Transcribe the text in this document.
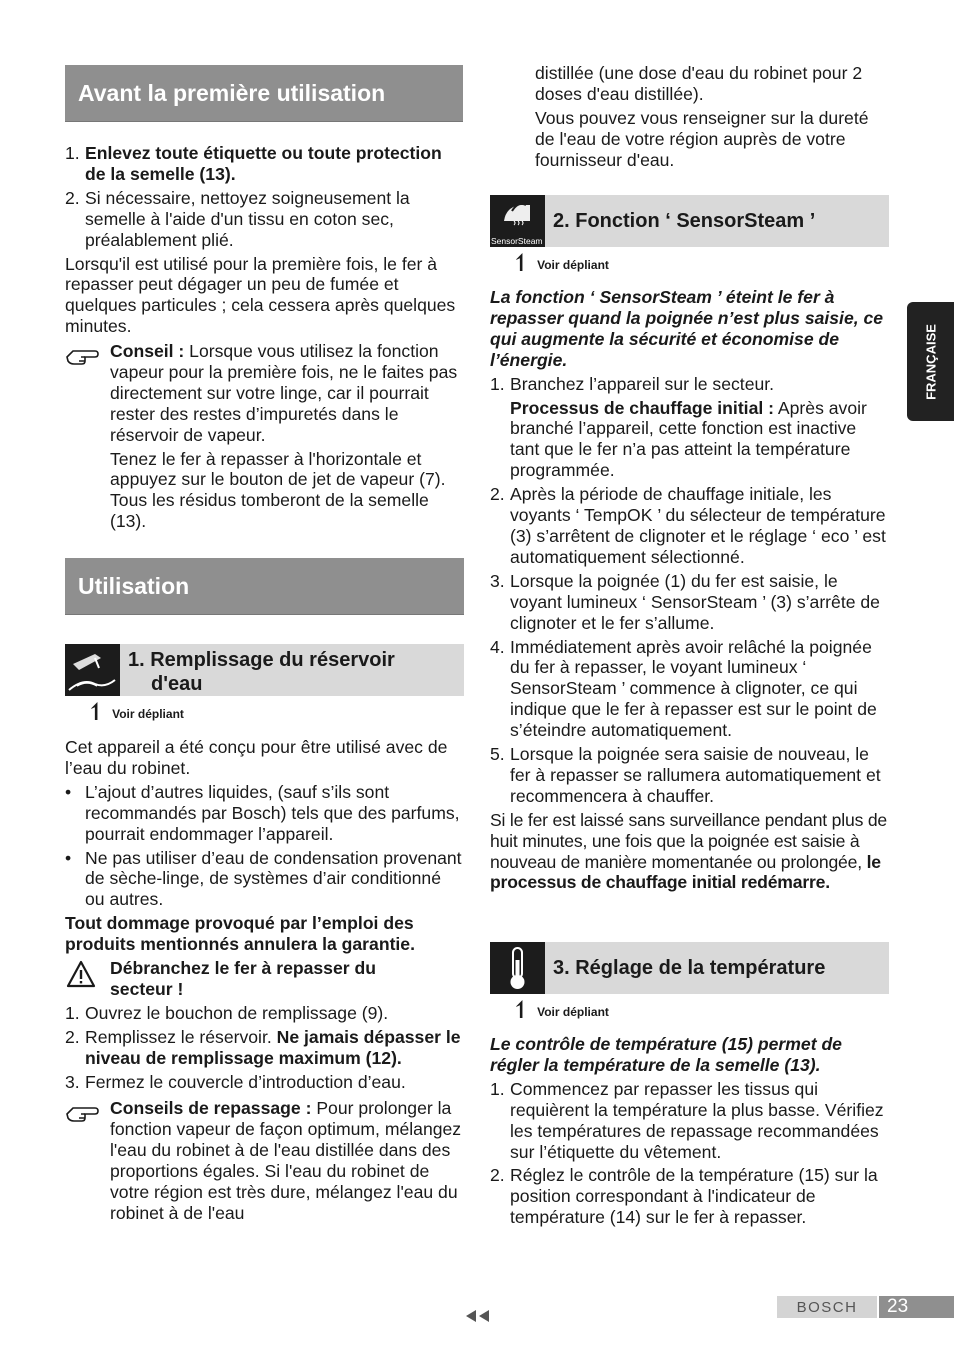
Avant la première utilisation
1. Enlevez toute étiquette ou toute protection de la semelle (13).
2. Si nécessaire, nettoyez soigneusement la semelle à l'aide d'un tissu en coton sec, préalablement plié.

Lorsqu'il est utilisé pour la première fois, le fer à repasser peut dégager un peu de fumée et quelques particules ; cela cessera après quelques minutes.

Conseil : Lorsque vous utilisez la fonction vapeur pour la première fois, ne le faites pas directement sur votre linge, car il pourrait rester des restes d’impuretés dans le réservoir de vapeur.

Tenez le fer à repasser à l'horizontale et appuyez sur le bouton de jet de vapeur (7). Tous les résidus tomberont de la semelle (13).

Utilisation
1. Remplissage du réservoir
d'eau
↿ Voir dépliant

Cet appareil a été conçu pour être utilisé avec de l’eau du robinet.

• L’ajout d’autres liquides, (sauf s’ils sont recommandés par Bosch) tels que des parfums, pourrait endommager l’appareil.
• Ne pas utiliser d’eau de condensation provenant de sèche-linge, de systèmes d’air conditionné ou autres.

Tout dommage provoqué par l’emploi des produits mentionnés annulera la garantie.

Débranchez le fer à repasser du secteur !
1. Ouvrez le bouchon de remplissage (9).
2. Remplissez le réservoir. Ne jamais dépasser le niveau de remplissage maximum (12).
3. Fermez le couvercle d’introduction d’eau.

Conseils de repassage : Pour prolonger la fonction vapeur de façon optimum, mélangez l'eau du robinet à de l'eau distillée dans des proportions égales. Si l'eau du robinet de votre région est très dure, mélangez l'eau du robinet à de l'eau

distillée (une dose d'eau du robinet pour 2 doses d'eau distillée).

Vous pouvez vous renseigner sur la dureté de l'eau de votre région auprès de votre fournisseur d'eau.

SensorSteam
2. Fonction ‘ SensorSteam ’
↿ Voir dépliant

La fonction ‘ SensorSteam ’ éteint le fer à repasser quand la poignée n’est plus saisie, ce qui augmente la sécurité et économise de l’énergie.

1. Branchez l’appareil sur le secteur.
Processus de chauffage initial : Après avoir branché l’appareil, cette fonction est inactive tant que le fer n’a pas atteint la température programmée.
2. Après la période de chauffage initiale, les voyants ‘ TempOK ’ du sélecteur de température (3) s’arrêtent de clignoter et le réglage ‘ eco ’ est automatiquement sélectionné.
3. Lorsque la poignée (1) du fer est saisie, le voyant lumineux ‘ SensorSteam ’ (3) s’arrête de clignoter et le fer s’allume.
4. Immédiatement après avoir relâché la poignée du fer à repasser, le voyant lumineux ‘ SensorSteam ’ commence à clignoter, ce qui indique que le fer à repasser est sur le point de s’éteindre automatiquement.
5. Lorsque la poignée sera saisie de nouveau, le fer à repasser se rallumera automatiquement et recommencera à chauffer.

Si le fer est laissé sans surveillance pendant plus de huit minutes, une fois que la poignée est saisie à nouveau de manière momentanée ou prolongée, le processus de chauffage initial redémarre.

3. Réglage de la température
↿ Voir dépliant

Le contrôle de température (15) permet de régler la température de la semelle (13).

1. Commencez par repasser les tissus qui requièrent la température la plus basse. Vérifiez les températures de repassage recommandées sur l’étiquette du vêtement.
2. Réglez le contrôle de la température (15) sur la position correspondant à l'indicateur de température (14) sur le fer à repasser.
FRANÇAISE
BOSCH	23
